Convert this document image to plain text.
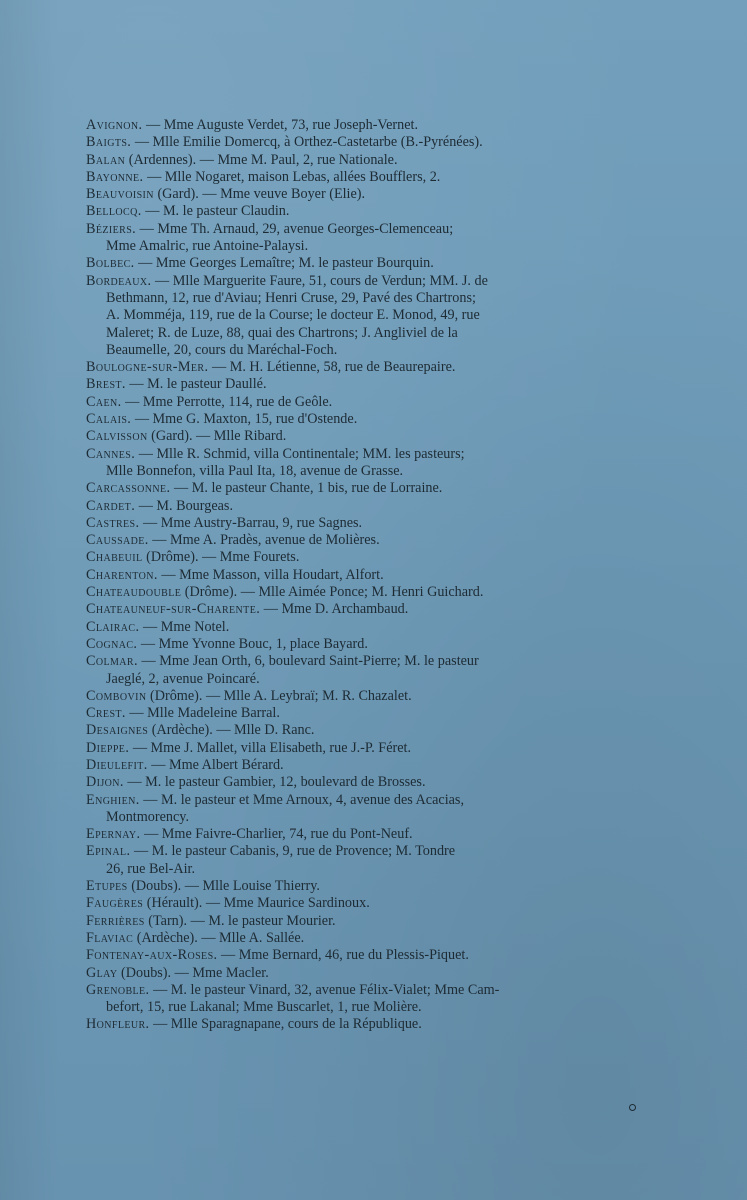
Avignon. — Mme Auguste Verdet, 73, rue Joseph-Vernet.
Baigts. — Mlle Emilie Domercq, à Orthez-Castetarbe (B.-Pyrénées).
Balan (Ardennes). — Mme M. Paul, 2, rue Nationale.
Bayonne. — Mlle Nogaret, maison Lebas, allées Boufflers, 2.
Beauvoisin (Gard). — Mme veuve Boyer (Elie).
Bellocq. — M. le pasteur Claudin.
Béziers. — Mme Th. Arnaud, 29, avenue Georges-Clemenceau;
Mme Amalric, rue Antoine-Palaysi.
Bolbec. — Mme Georges Lemaître; M. le pasteur Bourquin.
Bordeaux. — Mlle Marguerite Faure, 51, cours de Verdun; MM. J. de
Bethmann, 12, rue d'Aviau; Henri Cruse, 29, Pavé des Chartrons;
A. Momméja, 119, rue de la Course; le docteur E. Monod, 49, rue
Maleret; R. de Luze, 88, quai des Chartrons; J. Angliviel de la
Beaumelle, 20, cours du Maréchal-Foch.
Boulogne-sur-Mer. — M. H. Létienne, 58, rue de Beaurepaire.
Brest. — M. le pasteur Daullé.
Caen. — Mme Perrotte, 114, rue de Geôle.
Calais. — Mme G. Maxton, 15, rue d'Ostende.
Calvisson (Gard). — Mlle Ribard.
Cannes. — Mlle R. Schmid, villa Continentale; MM. les pasteurs;
Mlle Bonnefon, villa Paul Ita, 18, avenue de Grasse.
Carcassonne. — M. le pasteur Chante, 1 bis, rue de Lorraine.
Cardet. — M. Bourgeas.
Castres. — Mme Austry-Barrau, 9, rue Sagnes.
Caussade. — Mme A. Pradès, avenue de Molières.
Chabeuil (Drôme). — Mme Fourets.
Charenton. — Mme Masson, villa Houdart, Alfort.
Chateaudouble (Drôme). — Mlle Aimée Ponce; M. Henri Guichard.
Chateauneuf-sur-Charente. — Mme D. Archambaud.
Clairac. — Mme Notel.
Cognac. — Mme Yvonne Bouc, 1, place Bayard.
Colmar. — Mme Jean Orth, 6, boulevard Saint-Pierre; M. le pasteur
Jaeglé, 2, avenue Poincaré.
Combovin (Drôme). — Mlle A. Leybraï; M. R. Chazalet.
Crest. — Mlle Madeleine Barral.
Desaignes (Ardèche). — Mlle D. Ranc.
Dieppe. — Mme J. Mallet, villa Elisabeth, rue J.-P. Féret.
Dieulefit. — Mme Albert Bérard.
Dijon. — M. le pasteur Gambier, 12, boulevard de Brosses.
Enghien. — M. le pasteur et Mme Arnoux, 4, avenue des Acacias,
Montmorency.
Epernay. — Mme Faivre-Charlier, 74, rue du Pont-Neuf.
Epinal. — M. le pasteur Cabanis, 9, rue de Provence; M. Tondre
26, rue Bel-Air.
Etupes (Doubs). — Mlle Louise Thierry.
Faugères (Hérault). — Mme Maurice Sardinoux.
Ferrières (Tarn). — M. le pasteur Mourier.
Flaviac (Ardèche). — Mlle A. Sallée.
Fontenay-aux-Roses. — Mme Bernard, 46, rue du Plessis-Piquet.
Glay (Doubs). — Mme Macler.
Grenoble. — M. le pasteur Vinard, 32, avenue Félix-Vialet; Mme Cam-
befort, 15, rue Lakanal; Mme Buscarlet, 1, rue Molière.
Honfleur. — Mlle Sparagnapane, cours de la République.
